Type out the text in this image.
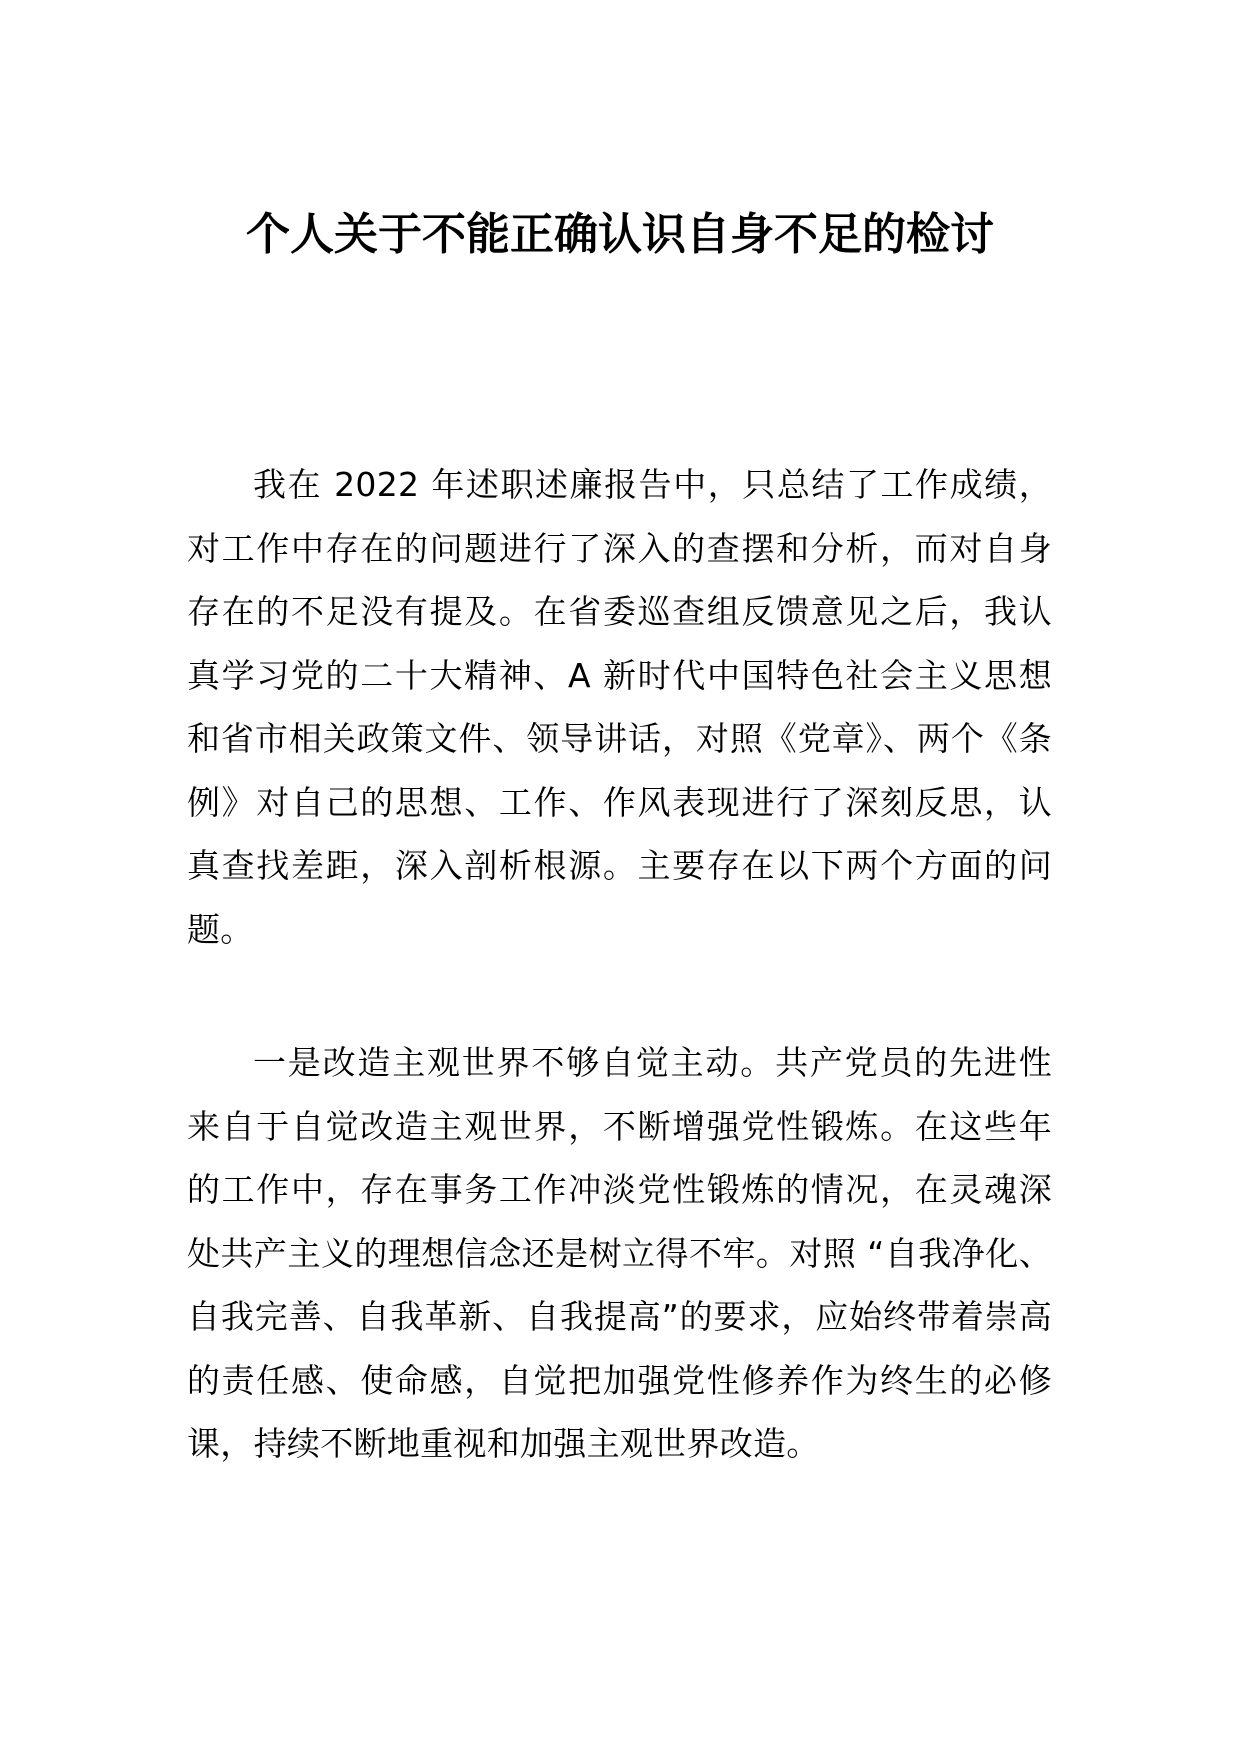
个人关于不能正确认识自身不足的检讨

我在 2022 年述职述廉报告中，只总结了工作成绩，对工作中存在的问题进行了深入的查摆和分析，而对自身存在的不足没有提及。在省委巡查组反馈意见之后，我认真学习党的二十大精神、A 新时代中国特色社会主义思想和省市相关政策文件、领导讲话，对照《党章》、两个《条例》对自己的思想、工作、作风表现进行了深刻反思，认真查找差距，深入剖析根源。主要存在以下两个方面的问题。

一是改造主观世界不够自觉主动。共产党员的先进性来自于自觉改造主观世界，不断增强党性锻炼。在这些年的工作中，存在事务工作冲淡党性锻炼的情况，在灵魂深处共产主义的理想信念还是树立得不牢。对照 “自我净化、自我完善、自我革新、自我提高”的要求，应始终带着崇高的责任感、使命感，自觉把加强党性修养作为终生的必修课，持续不断地重视和加强主观世界改造。
